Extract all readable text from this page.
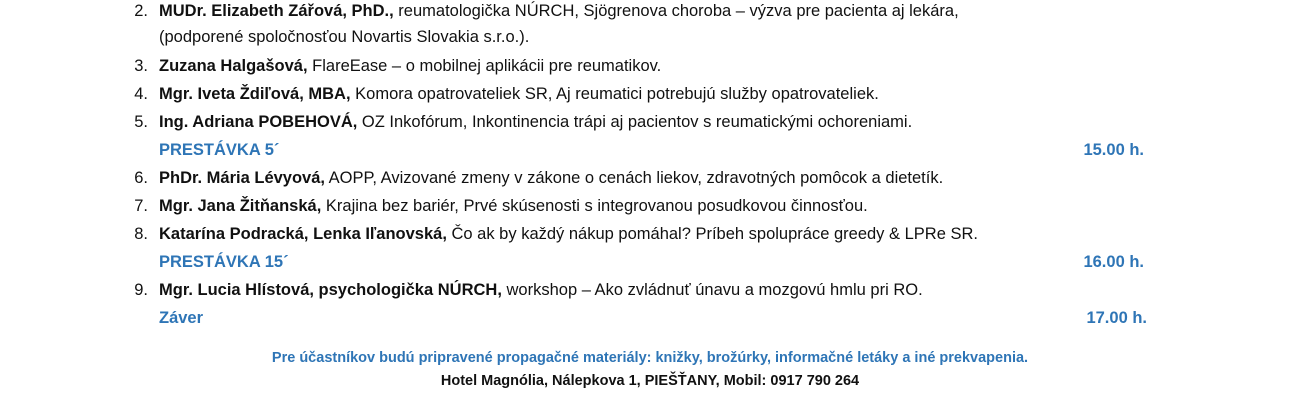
2. MUDr. Elizabeth Zářová, PhD., reumatologička NÚRCH, Sjögrenova choroba – výzva pre pacienta aj lekára,
(podporené spoločnosťou Novartis Slovakia s.r.o.).
3. Zuzana Halgašová, FlareEase – o mobilnej aplikácii pre reumatikov.
4. Mgr. Iveta Ždiľová, MBA, Komora opatrovateliek SR, Aj reumatici potrebujú služby opatrovateliek.
5. Ing. Adriana POBEHOVÁ, OZ Inkofórum, Inkontinencia trápi aj pacientov s reumatickými ochoreniami.
PRESTÁVKA 5´	15.00 h.
6. PhDr. Mária Lévyová, AOPP, Avizované zmeny v zákone o cenách liekov, zdravotných pomôcok a dietetík.
7. Mgr. Jana Žitňanská, Krajina bez bariér, Prvé skúsenosti s integrovanou posudkovou činnosťou.
8. Katarína Podracká, Lenka Iľanovská, Čo ak by každý nákup pomáhal? Príbeh spolupráce greedy & LPRe SR.
PRESTÁVKA 15´	16.00 h.
9. Mgr. Lucia Hlístová, psychologička NÚRCH, workshop – Ako zvládnuť únavu a mozgovú hmlu pri RO.
Záver	17.00 h.
Pre účastníkov budú pripravené propagačné materiály: knižky, brožúrky, informačné letáky a iné prekvapenia.
Hotel Magnólia, Nálepkova 1, PIEŠŤANY, Mobil: 0917 790 264
